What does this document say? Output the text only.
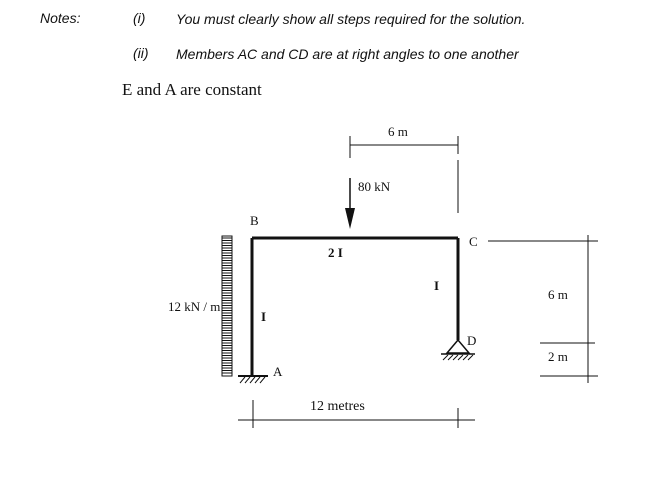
Notes:	(i) You must clearly show all steps required for the solution.
(ii) Members AC and CD are at right angles to one another
E and A are constant
A
B
C
D
2 I
I
I
80 kN
12 kN / m
6 m
12 metres
6 m
2 m
